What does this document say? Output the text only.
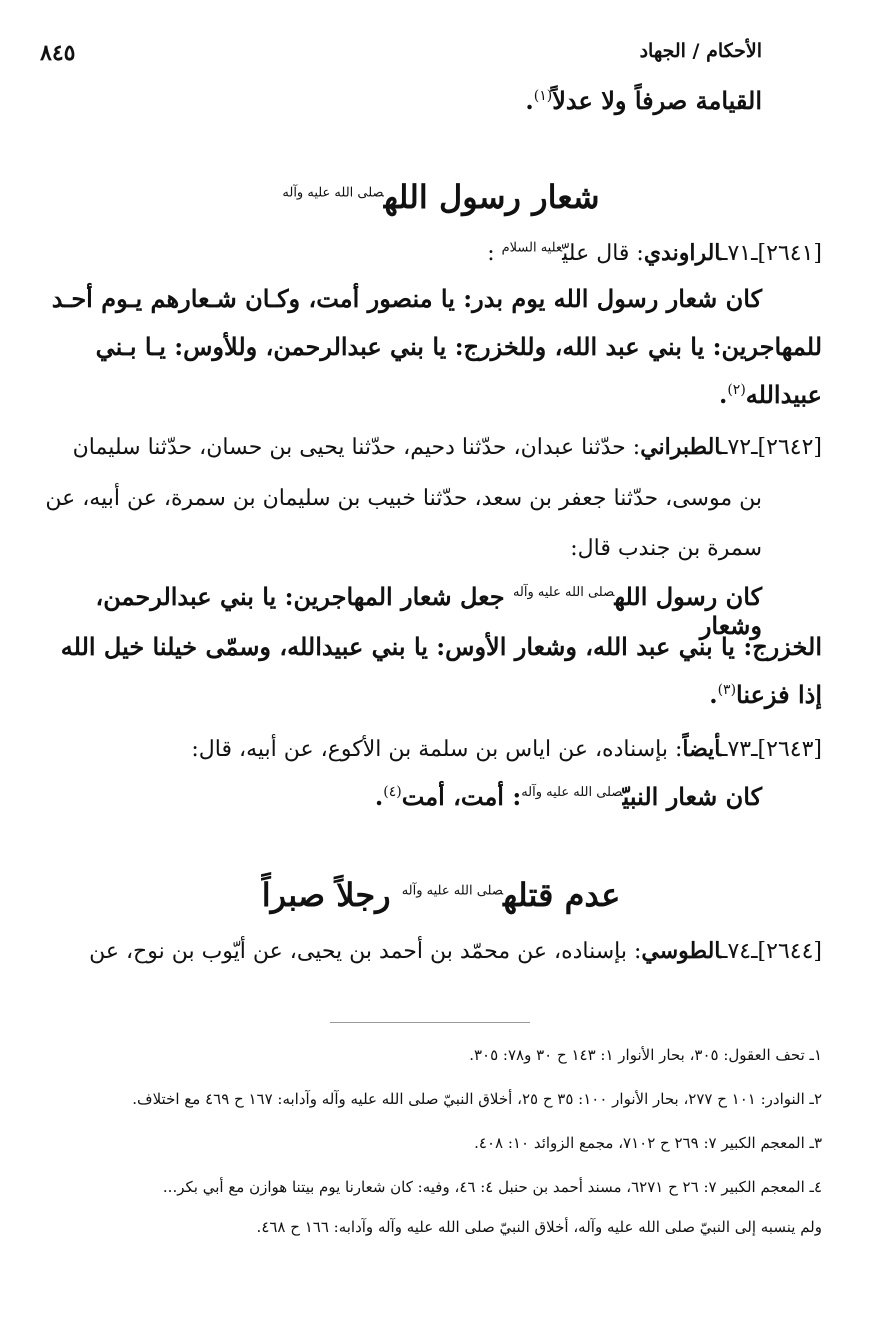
٨٤٥	الأحكام / الجهاد
القيامة صرفاً ولا عدلاً$^{(١)}$.
شعار رسول الله$^{صلى الله عليه وآله}$
[٢٦٤١]ـ٧١ـالراوندي: قال عليّ$^{عليه السلام}$ :
كان شعار رسول الله يوم بدر: يا منصور أمت، وكـان شـعارهم يـوم أحـد
للمهاجرين: يا بني عبد الله، وللخزرج: يا بني عبدالرحمن، وللأوس: يـا بـني
عبيدالله$^{(٢)}$.
[٢٦٤٢]ـ٧٢ـالطبراني: حدّثنا عبدان، حدّثنا دحيم، حدّثنا يحيى بن حسان، حدّثنا سليمان
بن موسى، حدّثنا جعفر بن سعد، حدّثنا خبيب بن سليمان بن سمرة، عن أبيه، عن
سمرة بن جندب قال:
كان رسول الله$^{صلى الله عليه وآله}$ جعل شعار المهاجرين: يا بني عبدالرحمن، وشعار
الخزرج: يا بني عبد الله، وشعار الأوس: يا بني عبيدالله، وسمّى خيلنا خيل الله
إذا فزعنا$^{(٣)}$.
[٢٦٤٣]ـ٧٣ـأيضاً: بإسناده، عن اياس بن سلمة بن الأكوع، عن أبيه، قال:
كان شعار النبيّ$^{صلى الله عليه وآله}$: أمت، أمت$^{(٤)}$.
عدم قتله$^{صلى الله عليه وآله}$ رجلاً صبراً
[٢٦٤٤]ـ٧٤ـالطوسي: بإسناده، عن محمّد بن أحمد بن يحيى، عن أيّوب بن نوح، عن
١ـ تحف العقول: ٣٠٥، بحار الأنوار ١: ١٤٣ ح ٣٠ و٧٨: ٣٠٥.
٢ـ النوادر: ١٠١ ح ٢٧٧، بحار الأنوار ١٠٠: ٣٥ ح ٢٥، أخلاق النبيّ صلى الله عليه وآله وآدابه: ١٦٧ ح ٤٦٩ مع اختلاف.
٣ـ المعجم الكبير ٧: ٢٦٩ ح ٧١٠٢، مجمع الزوائد ١٠: ٤٠٨.
٤ـ المعجم الكبير ٧: ٢٦ ح ٦٢٧١، مسند أحمد بن حنبل ٤: ٤٦، وفيه: كان شعارنا يوم بيتنا هوازن مع أبي بكر...
ولم ينسبه إلى النبيّ صلى الله عليه وآله، أخلاق النبيّ صلى الله عليه وآله وآدابه: ١٦٦ ح ٤٦٨.
